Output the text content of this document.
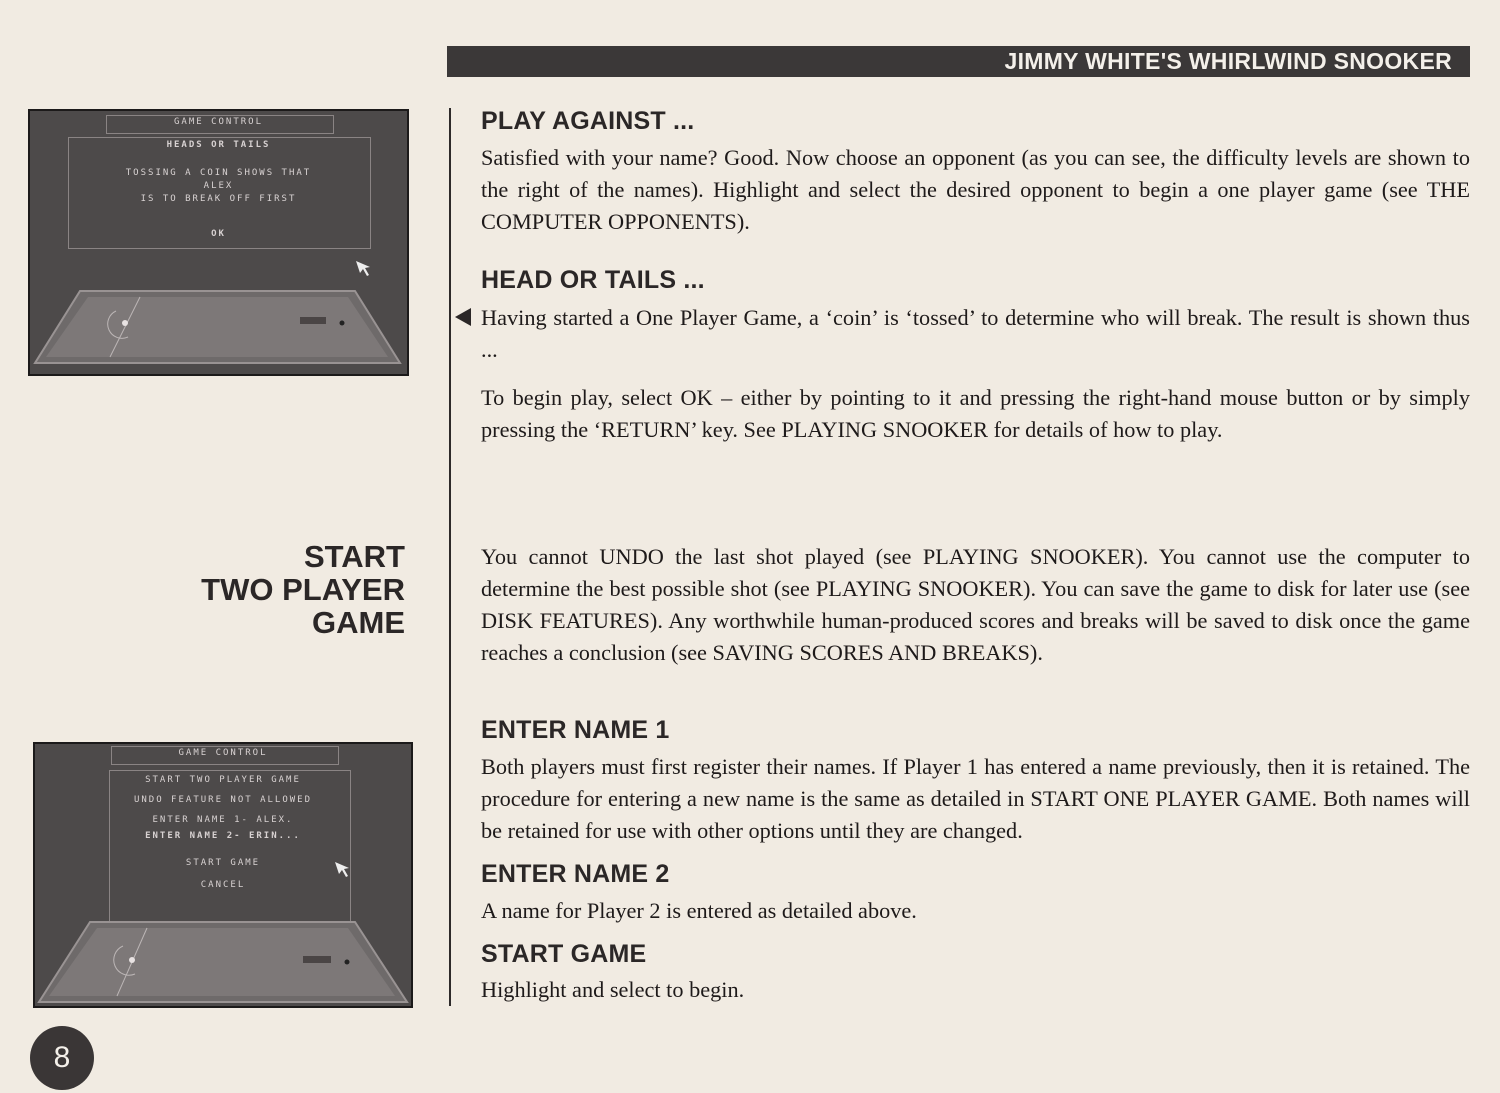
JIMMY WHITE'S WHIRLWIND SNOOKER
GAME CONTROL
HEADS OR TAILS
TOSSING A COIN SHOWS THAT
ALEX
IS TO BREAK OFF FIRST
OK
GAME CONTROL
START TWO PLAYER GAME
UNDO FEATURE NOT ALLOWED
ENTER NAME 1- ALEX.
ENTER NAME 2- ERIN...
START GAME
CANCEL
START
TWO PLAYER
GAME
PLAY AGAINST ...

Satisfied with your name? Good. Now choose an opponent (as you can see, the difficulty levels are shown to the right of the names). Highlight and select the desired opponent to begin a one player game (see THE COMPUTER OPPONENTS).

HEAD OR TAILS ...

Having started a One Player Game, a ‘coin’ is ‘tossed’ to determine who will break. The result is shown thus ...

To begin play, select OK – either by pointing to it and pressing the right-hand mouse button or by simply pressing the ‘RETURN’ key. See PLAYING SNOOKER for details of how to play.

You cannot UNDO the last shot played (see PLAYING SNOOKER). You cannot use the computer to determine the best possible shot (see PLAYING SNOOKER). You can save the game to disk for later use (see DISK FEATURES). Any worthwhile human-produced scores and breaks will be saved to disk once the game reaches a conclusion (see SAVING SCORES AND BREAKS).

ENTER NAME 1

Both players must first register their names. If Player 1 has entered a name previously, then it is retained. The procedure for entering a new name is the same as detailed in START ONE PLAYER GAME. Both names will be retained for use with other options until they are changed.

ENTER NAME 2

A name for Player 2 is entered as detailed above.

START GAME

Highlight and select to begin.

8
